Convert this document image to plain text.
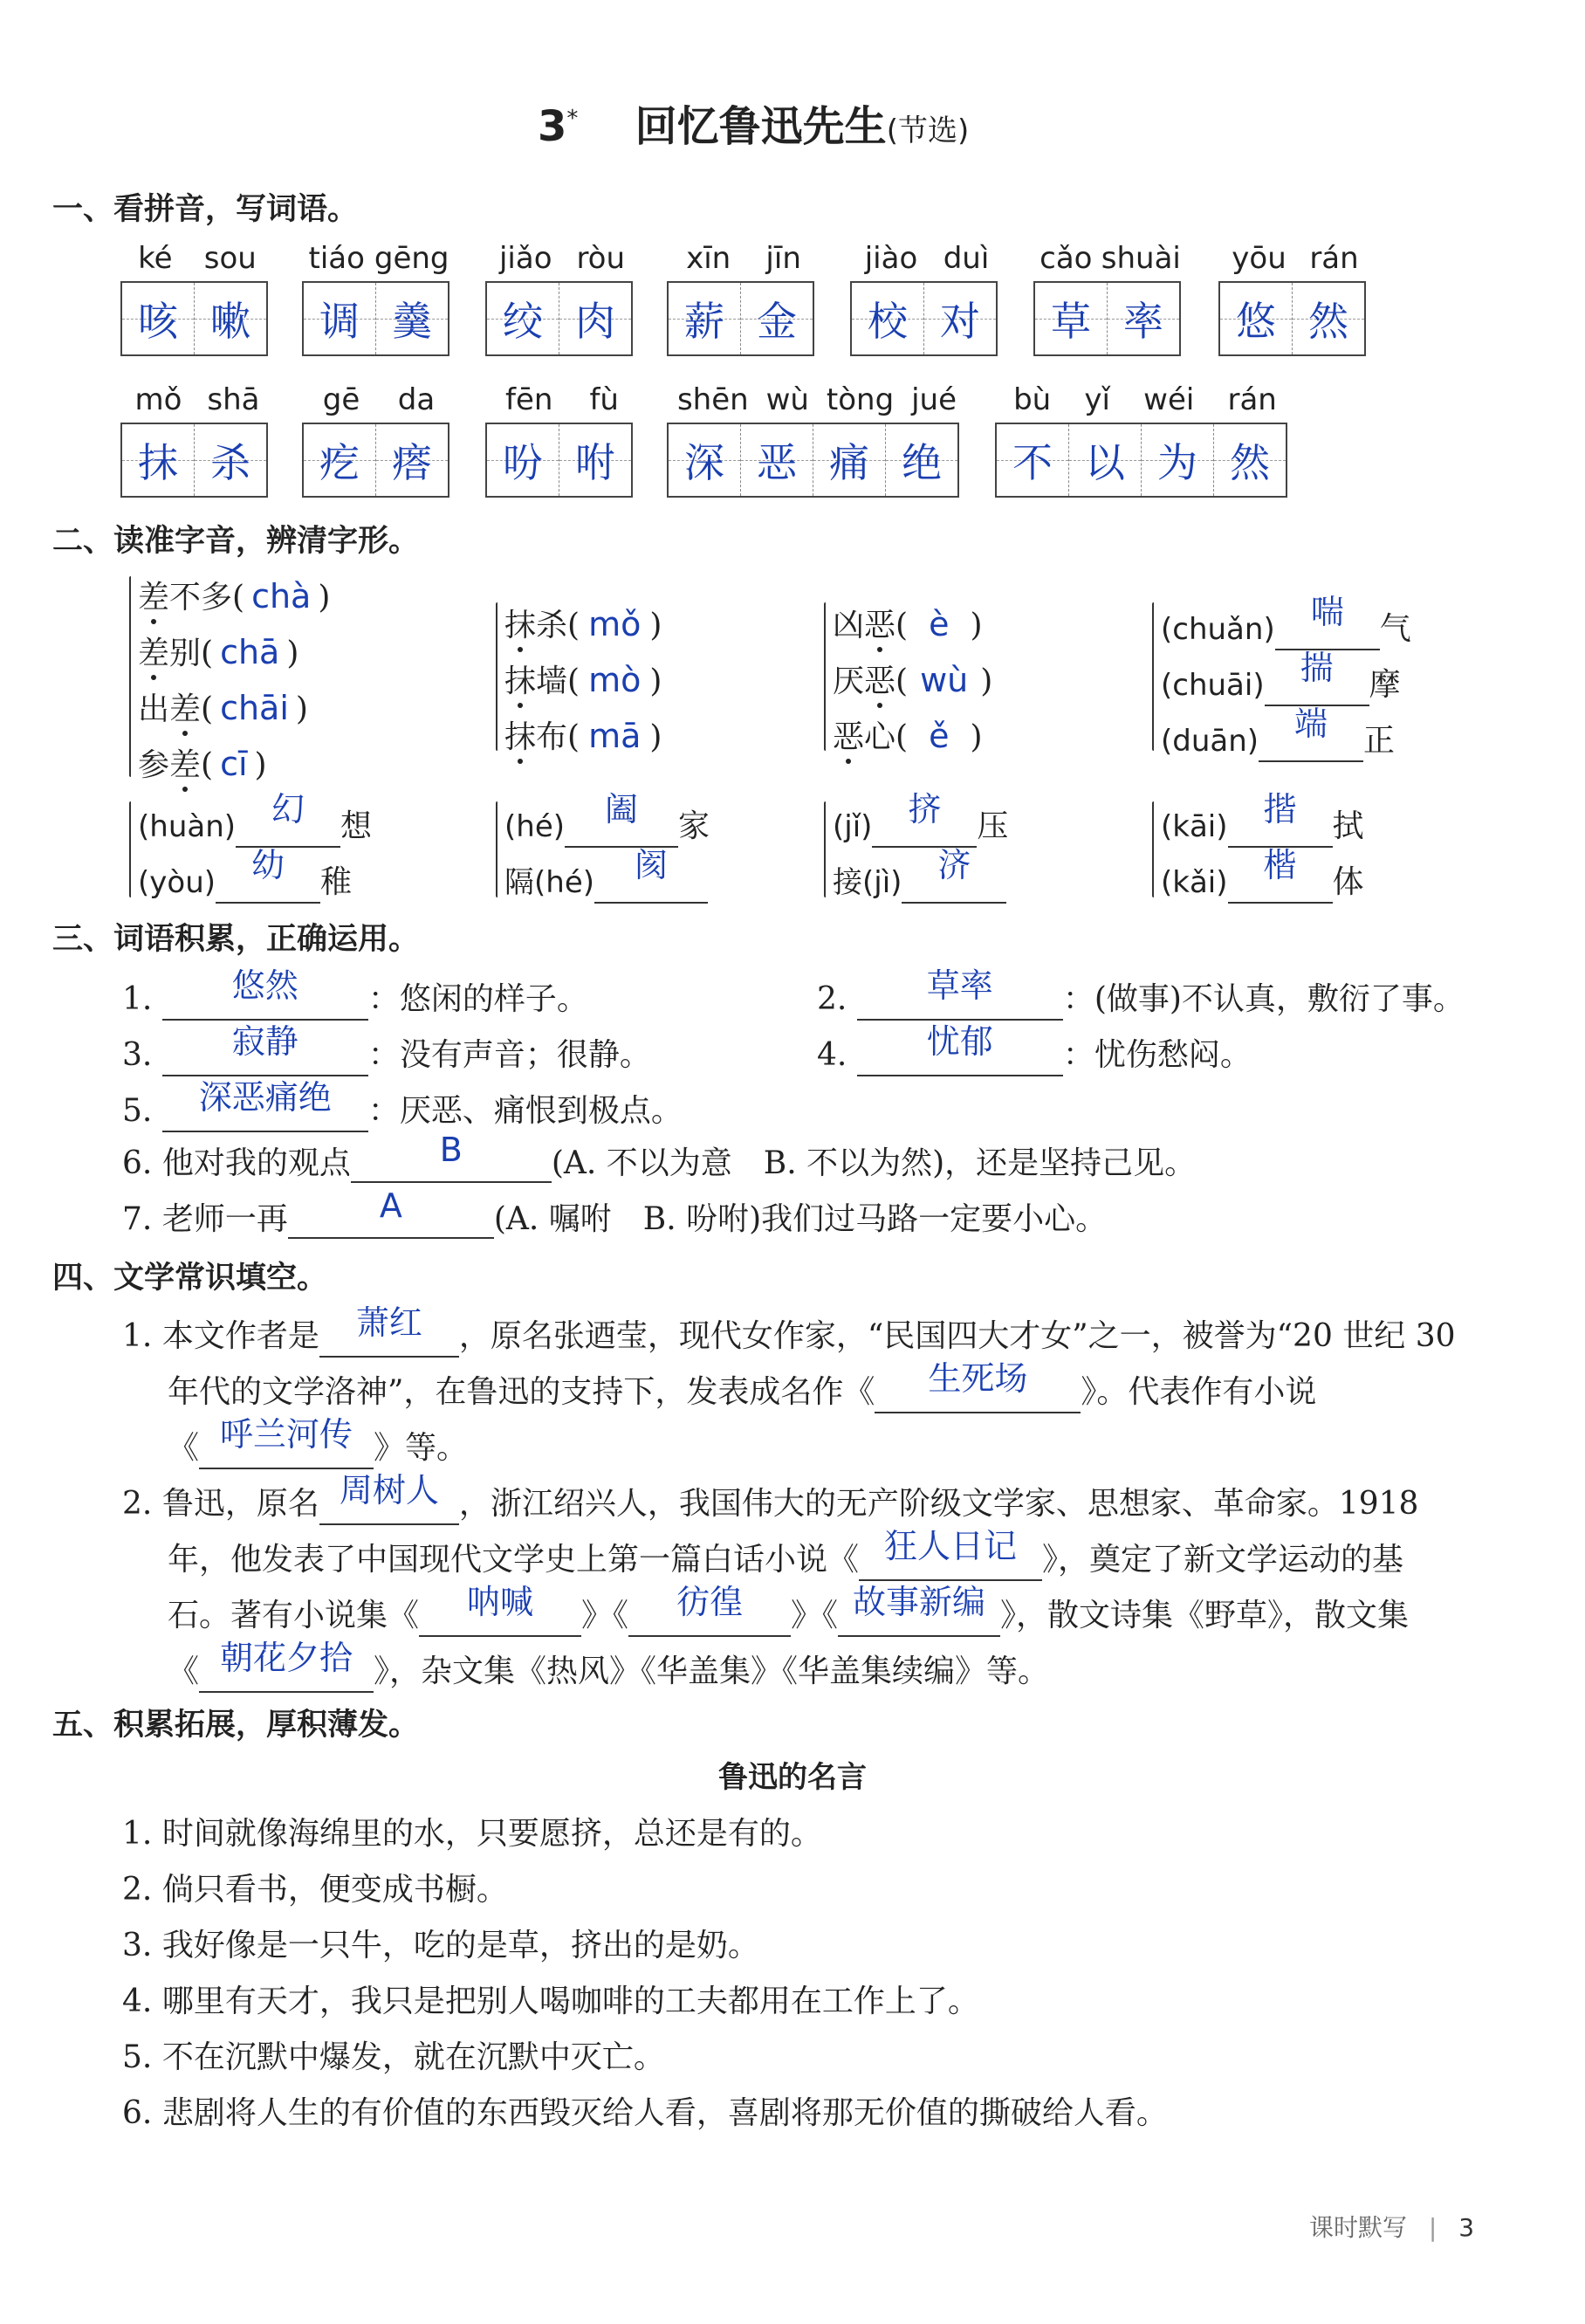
3* 回忆鲁迅先生(节选)
一、看拼音，写词语。
ké sou
咳 嗽
tiáo gēng
调 羹
jiǎo ròu
绞 肉
xīn jīn
薪 金
jiào duì
校 对
cǎo shuài
草 率
yōu rán
悠 然
mǒ shā
抹 杀
gē da
疙 瘩
fēn fù
吩 咐
shēn wù tòng jué
深 恶 痛 绝
bù yǐ wéi rán
不 以 为 然
二、读准字音，辨清字形。
差不多( chà )
差别( chā )
出差( chāi )
参差( cī )
抹杀( mǒ )
抹墙( mò )
抹布( mā )
凶恶( è )
厌恶( wù )
恶心( ě )
(chuǎn) 喘 气
(chuāi) 揣 摩
(duān) 端 正
(huàn) 幻 想
(yòu) 幼 稚
(hé) 阖 家
隔(hé) 阂
(jǐ) 挤 压
接(jì) 济
(kāi) 揩 拭
(kǎi) 楷 体
三、词语积累，正确运用。
1. 悠然 ：悠闲的样子。	2. 草率 ：(做事)不认真，敷衍了事。
3. 寂静 ：没有声音；很静。	4. 忧郁 ：忧伤愁闷。
5. 深恶痛绝 ：厌恶、痛恨到极点。
6. 他对我的观点	B	(A. 不以为意　B. 不以为然)，还是坚持己见。
7. 老师一再	A	(A. 嘱咐　B. 吩咐)我们过马路一定要小心。
四、文学常识填空。
1. 本文作者是 萧红 ，原名张迺莹，现代女作家，“民国四大才女”之一，被誉为“20 世纪 30
年代的文学洛神”，在鲁迅的支持下，发表成名作《 生死场 》。代表作有小说
《 呼兰河传 》等。
2. 鲁迅，原名 周树人 ，浙江绍兴人，我国伟大的无产阶级文学家、思想家、革命家。1918
年，他发表了中国现代文学史上第一篇白话小说《 狂人日记 》，奠定了新文学运动的基
石。著有小说集《 呐喊 》《 彷徨 》《 故事新编 》，散文诗集《野草》，散文集
《 朝花夕拾 》，杂文集《热风》《华盖集》《华盖集续编》等。
五、积累拓展，厚积薄发。
鲁迅的名言
1. 时间就像海绵里的水，只要愿挤，总还是有的。
2. 倘只看书，便变成书橱。
3. 我好像是一只牛，吃的是草，挤出的是奶。
4. 哪里有天才，我只是把别人喝咖啡的工夫都用在工作上了。
5. 不在沉默中爆发，就在沉默中灭亡。
6. 悲剧将人生的有价值的东西毁灭给人看，喜剧将那无价值的撕破给人看。
课时默写 | 3
